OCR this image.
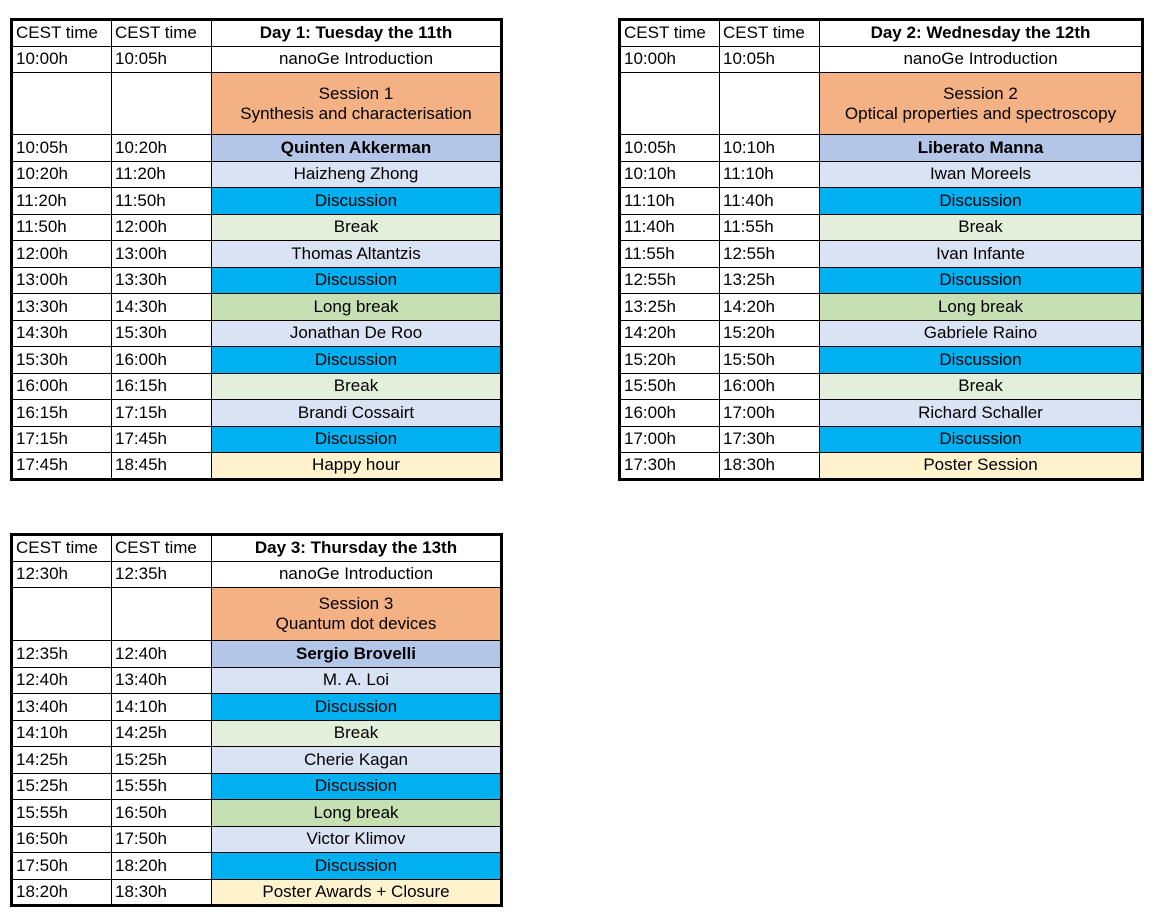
CEST time	CEST time	Day 1: Tuesday the 11th
10:00h	10:05h	nanoGe Introduction
		Session 1
Synthesis and characterisation
10:05h	10:20h	Quinten Akkerman
10:20h	11:20h	Haizheng Zhong
11:20h	11:50h	Discussion
11:50h	12:00h	Break
12:00h	13:00h	Thomas Altantzis
13:00h	13:30h	Discussion
13:30h	14:30h	Long break
14:30h	15:30h	Jonathan De Roo
15:30h	16:00h	Discussion
16:00h	16:15h	Break
16:15h	17:15h	Brandi Cossairt
17:15h	17:45h	Discussion
17:45h	18:45h	Happy hour
CEST time	CEST time	Day 2: Wednesday the 12th
10:00h	10:05h	nanoGe Introduction
		Session 2
Optical properties and spectroscopy
10:05h	10:10h	Liberato Manna
10:10h	11:10h	Iwan Moreels
11:10h	11:40h	Discussion
11:40h	11:55h	Break
11:55h	12:55h	Ivan Infante
12:55h	13:25h	Discussion
13:25h	14:20h	Long break
14:20h	15:20h	Gabriele Raino
15:20h	15:50h	Discussion
15:50h	16:00h	Break
16:00h	17:00h	Richard Schaller
17:00h	17:30h	Discussion
17:30h	18:30h	Poster Session
CEST time	CEST time	Day 3: Thursday the 13th
12:30h	12:35h	nanoGe Introduction
		Session 3
Quantum dot devices
12:35h	12:40h	Sergio Brovelli
12:40h	13:40h	M. A. Loi
13:40h	14:10h	Discussion
14:10h	14:25h	Break
14:25h	15:25h	Cherie Kagan
15:25h	15:55h	Discussion
15:55h	16:50h	Long break
16:50h	17:50h	Victor Klimov
17:50h	18:20h	Discussion
18:20h	18:30h	Poster Awards + Closure
